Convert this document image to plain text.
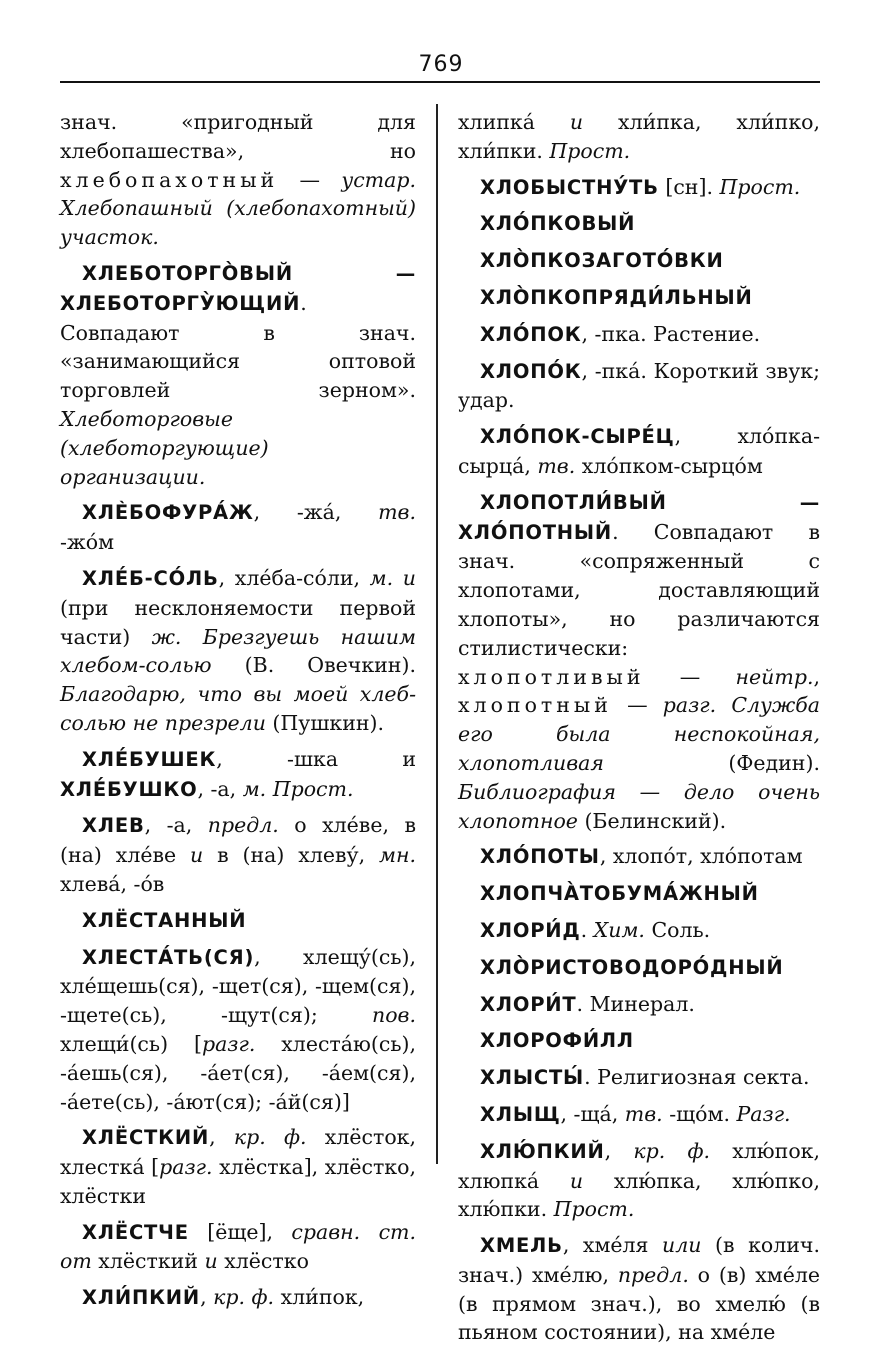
769

знач. «пригодный для хлебопашества», но хлебопахотный — устар. Хлебопашный (хлебопахотный) участок.

ХЛЕБОТОРГО̀ВЫЙ — ХЛЕБОТОРГУ̀ЮЩИЙ. Совпадают в знач. «занимающийся оптовой торговлей зерном». Хлеботорговые (хлеботоргующие) организации.

ХЛЀБОФУРА́Ж, -жа́, тв. -жо́м

ХЛЕ́Б-СО́ЛЬ, хле́ба-со́ли, м. и (при несклоняемости первой части) ж. Брезгуешь нашим хлебом-солью (В. Овечкин). Благодарю, что вы моей хлеб-солью не презрели (Пушкин).

ХЛЕ́БУШЕК, -шка и ХЛЕ́БУШКО, -а, м. Прост.

ХЛЕВ, -а, предл. о хле́ве, в (на) хле́ве и в (на) хлеву́, мн. хлева́, -о́в

ХЛЁСТАННЫЙ

ХЛЕСТА́ТЬ(СЯ), хлещу́(сь), хле́щешь(ся), -щет(ся), -щем(ся), -щете(сь), -щут(ся); пов. хлещи́(сь) [разг. хлеста́ю(сь), -а́ешь(ся), -а́ет(ся), -а́ем(ся), -а́ете(сь), -а́ют(ся); -а́й(ся)]

ХЛЁСТКИЙ, кр. ф. хлёсток, хлестка́ [разг. хлёстка], хлёстко, хлёстки

ХЛЁСТЧЕ [ёще], сравн. ст. от хлёсткий и хлёстко

ХЛИ́ПКИЙ, кр. ф. хли́пок,

хлипка́ и хли́пка, хли́пко, хли́пки. Прост.

ХЛОБЫСТНУ́ТЬ [сн]. Прост.

ХЛО́ПКОВЫЙ

ХЛО̀ПКОЗАГОТО́ВКИ

ХЛО̀ПКОПРЯДИ́ЛЬНЫЙ

ХЛО́ПОК, -пка. Растение.

ХЛОПО́К, -пка́. Короткий звук; удар.

ХЛО́ПОК-СЫРЕ́Ц, хло́пка-сырца́, тв. хло́пком-сырцо́м

ХЛОПОТЛИ́ВЫЙ — ХЛО́ПОТНЫЙ. Совпадают в знач. «сопряженный с хлопотами, доставляющий хлопоты», но различаются стилистически: хлопотливый — нейтр., хлопотный — разг. Служба его была неспокойная, хлопотливая (Федин). Библиография — дело очень хлопотное (Белинский).

ХЛО́ПОТЫ, хлопо́т, хло́потам

ХЛОПЧА̀ТОБУМА́ЖНЫЙ

ХЛОРИ́Д. Хим. Соль.

ХЛО̀РИСТОВОДОРО́ДНЫЙ

ХЛОРИ́Т. Минерал.

ХЛОРОФИ́ЛЛ

ХЛЫСТЫ́. Религиозная секта.

ХЛЫЩ, -ща́, тв. -що́м. Разг.

ХЛЮ́ПКИЙ, кр. ф. хлю́пок, хлюпка́ и хлю́пка, хлю́пко, хлю́пки. Прост.

ХМЕЛЬ, хме́ля или (в колич. знач.) хме́лю, предл. о (в) хме́ле (в прямом знач.), во хмелю́ (в пьяном состоянии), на хме́ле
